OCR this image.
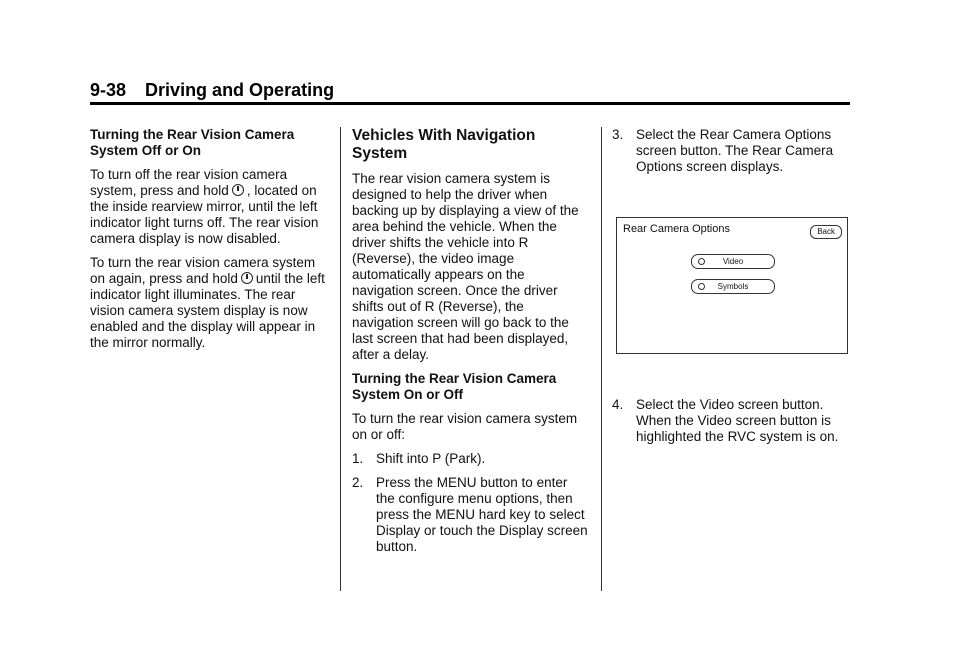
9-38 Driving and Operating
Turning the Rear Vision Camera System Off or On

To turn off the rear vision camera system, press and hold , located on the inside rearview mirror, until the left indicator light turns off. The rear vision camera display is now disabled.

To turn the rear vision camera system on again, press and hold until the left indicator light illuminates. The rear vision camera system display is now enabled and the display will appear in the mirror normally.

Vehicles With Navigation System

The rear vision camera system is designed to help the driver when backing up by displaying a view of the area behind the vehicle. When the driver shifts the vehicle into R (Reverse), the video image automatically appears on the navigation screen. Once the driver shifts out of R (Reverse), the navigation screen will go back to the last screen that had been displayed, after a delay.

Turning the Rear Vision Camera System On or Off

To turn the rear vision camera system on or off:

1. Shift into P (Park).
2. Press the MENU button to enter the configure menu options, then press the MENU hard key to select Display or touch the Display screen button.
3. Select the Rear Camera Options screen button. The Rear Camera Options screen displays.
Rear Camera Options	Back
Video
Symbols
4. Select the Video screen button. When the Video screen button is highlighted the RVC system is on.
